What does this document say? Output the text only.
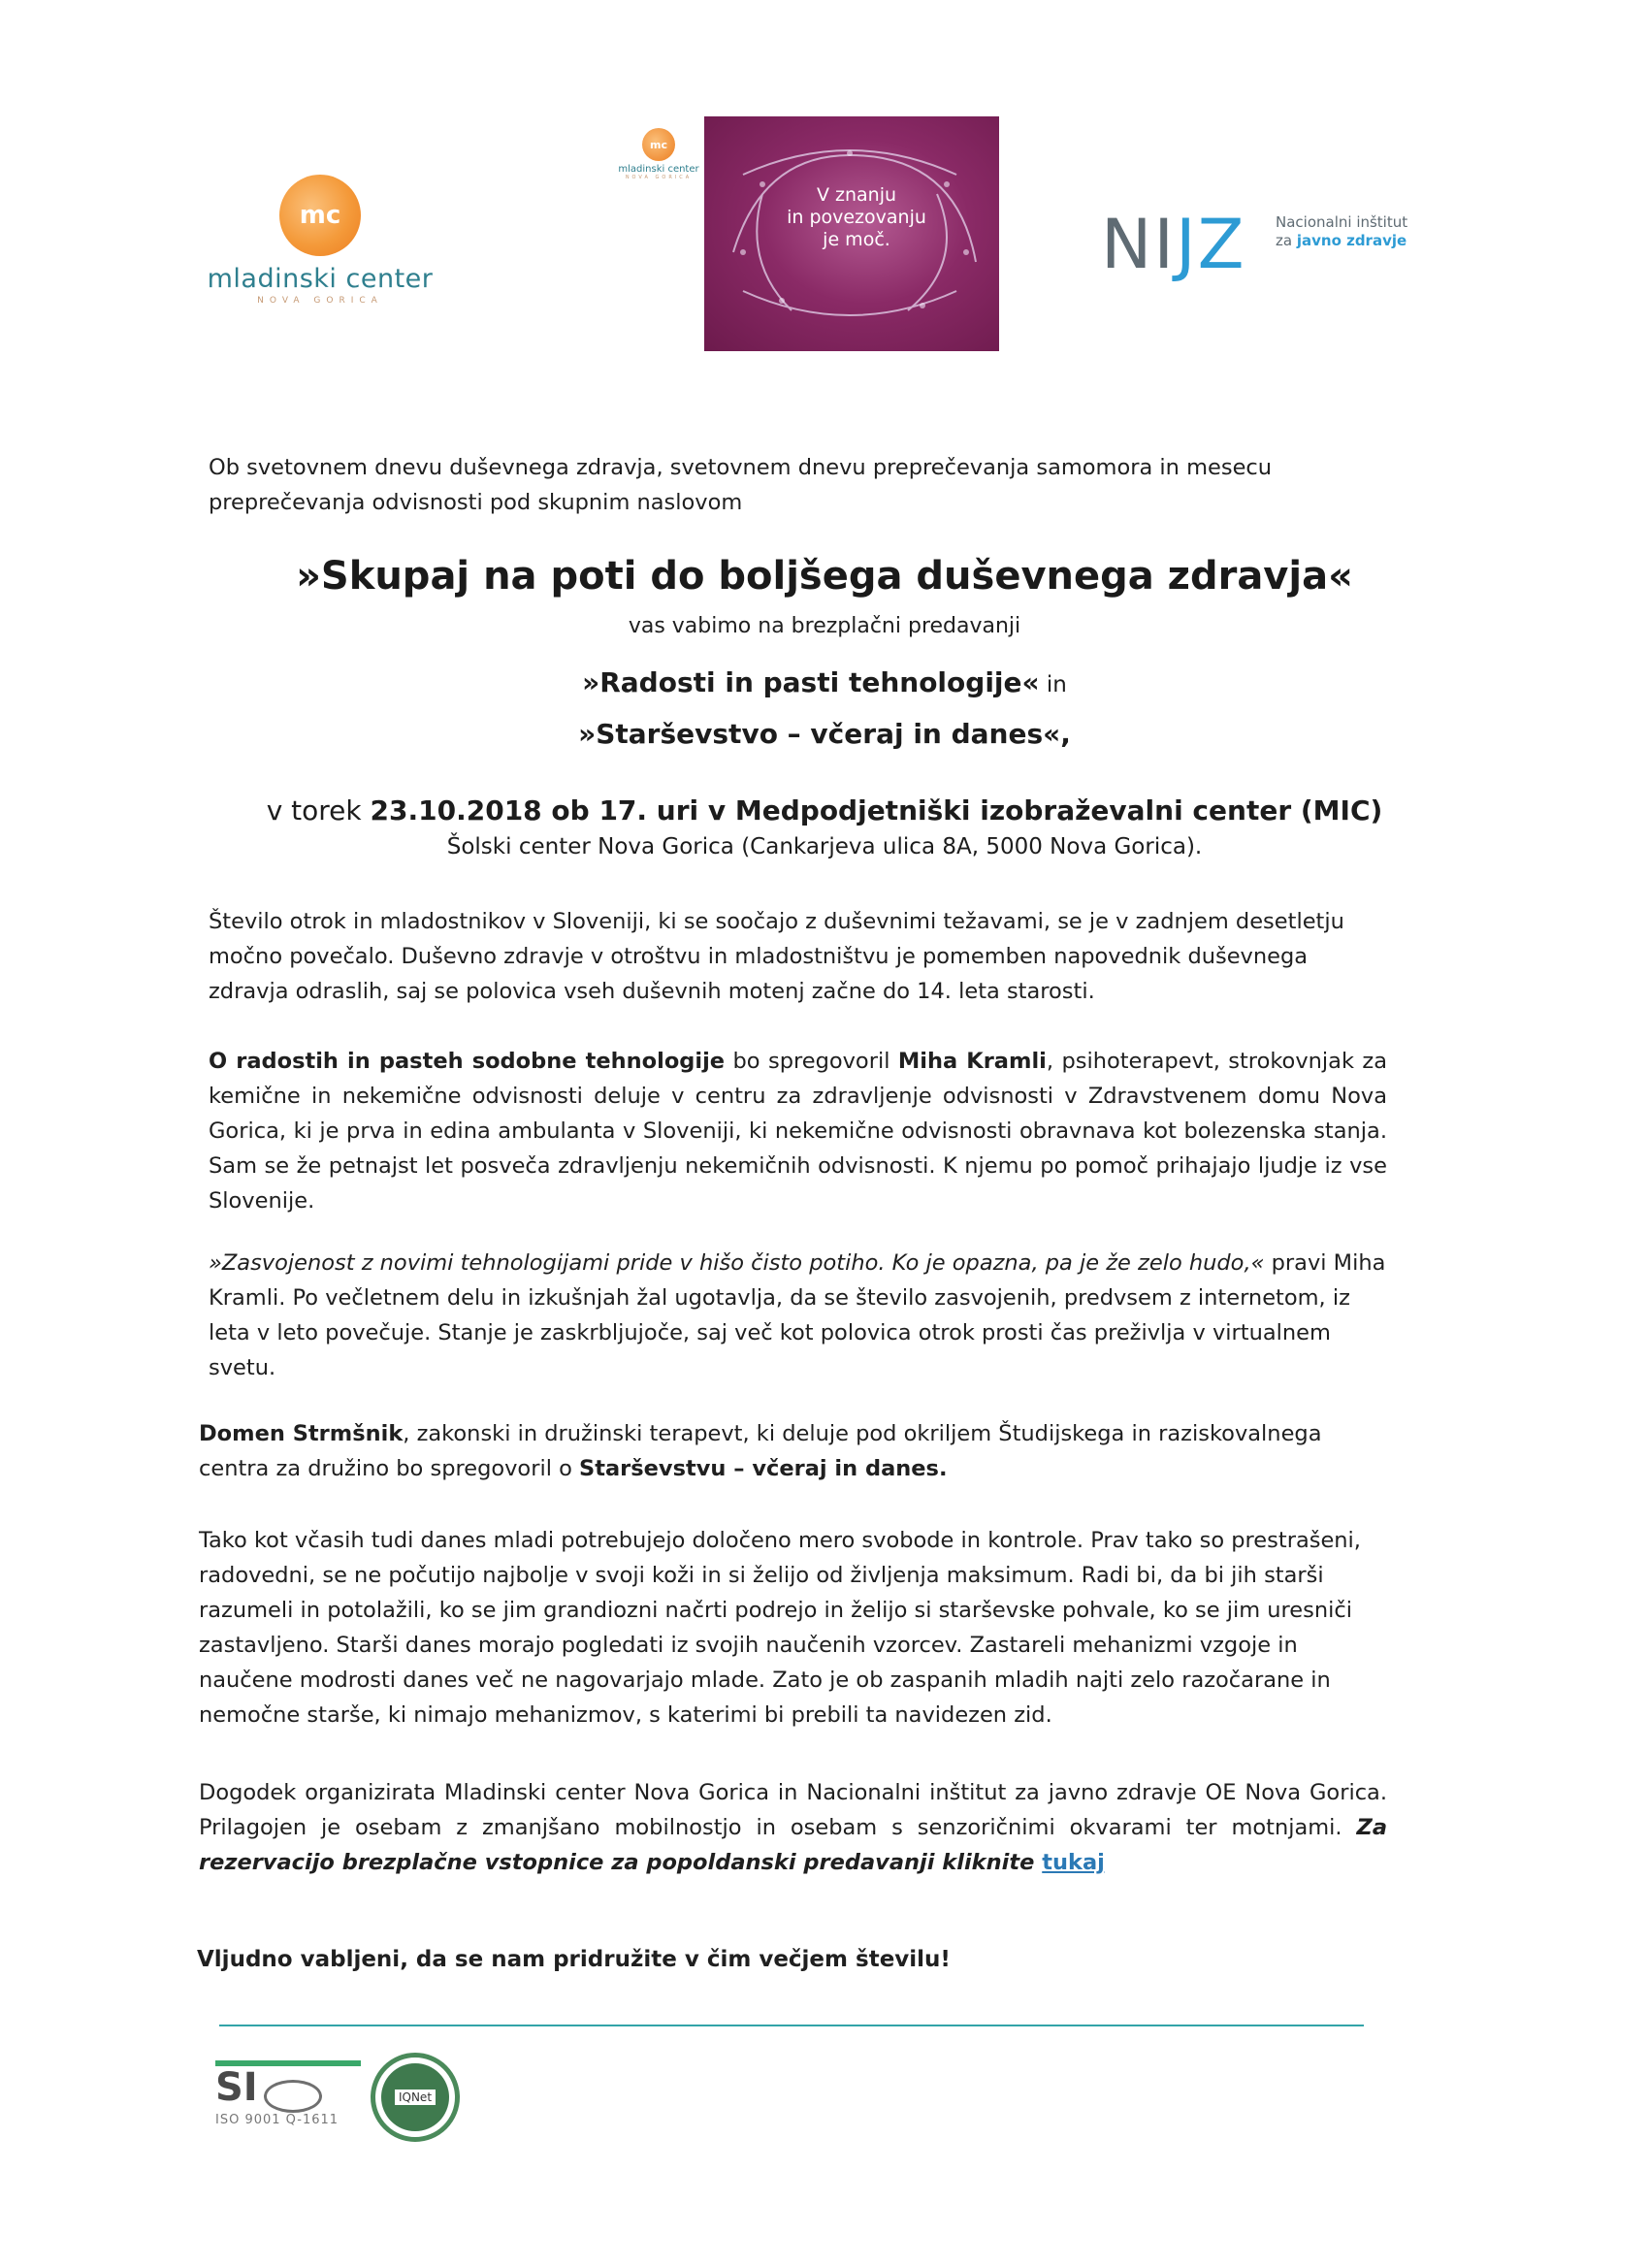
mc
mladinski center
NOVA GORICA
mc
mladinski center
NOVA GORICA
V znanju
in povezovanju
je moč.	NIJZ	Nacionalni inštitut
za javno zdravje
Ob svetovnem dnevu duševnega zdravja, svetovnem dnevu preprečevanja samomora in mesecu preprečevanja odvisnosti pod skupnim naslovom
»Skupaj na poti do boljšega duševnega zdravja«
vas vabimo na brezplačni predavanji
»Radosti in pasti tehnologije« in
»Starševstvo – včeraj in danes«,
v torek 23.10.2018 ob 17. uri v Medpodjetniški izobraževalni center (MIC)
Šolski center Nova Gorica (Cankarjeva ulica 8A, 5000 Nova Gorica).
Število otrok in mladostnikov v Sloveniji, ki se soočajo z duševnimi težavami, se je v zadnjem desetletju močno povečalo. Duševno zdravje v otroštvu in mladostništvu je pomemben napovednik duševnega zdravja odraslih, saj se polovica vseh duševnih motenj začne do 14. leta starosti.
O radostih in pasteh sodobne tehnologije bo spregovoril Miha Kramli, psihoterapevt, strokovnjak za kemične in nekemične odvisnosti deluje v centru za zdravljenje odvisnosti v Zdravstvenem domu Nova Gorica, ki je prva in edina ambulanta v Sloveniji, ki nekemične odvisnosti obravnava kot bolezenska stanja. Sam se že petnajst let posveča zdravljenju nekemičnih odvisnosti. K njemu po pomoč prihajajo ljudje iz vse Slovenije.
»Zasvojenost z novimi tehnologijami pride v hišo čisto potiho. Ko je opazna, pa je že zelo hudo,« pravi Miha Kramli. Po večletnem delu in izkušnjah žal ugotavlja, da se število zasvojenih, predvsem z internetom, iz leta v leto povečuje. Stanje je zaskrbljujoče, saj več kot polovica otrok prosti čas preživlja v virtualnem svetu.
Domen Strmšnik, zakonski in družinski terapevt, ki deluje pod okriljem Študijskega in raziskovalnega centra za družino bo spregovoril o Starševstvu – včeraj in danes.
Tako kot včasih tudi danes mladi potrebujejo določeno mero svobode in kontrole. Prav tako so prestrašeni, radovedni, se ne počutijo najbolje v svoji koži in si želijo od življenja maksimum. Radi bi, da bi jih starši razumeli in potolažili, ko se jim grandiozni načrti podrejo in želijo si starševske pohvale, ko se jim uresniči zastavljeno. Starši danes morajo pogledati iz svojih naučenih vzorcev. Zastareli mehanizmi vzgoje in naučene modrosti danes več ne nagovarjajo mlade. Zato je ob zaspanih mladih najti zelo razočarane in nemočne starše, ki nimajo mehanizmov, s katerimi bi prebili ta navidezen zid.
Dogodek organizirata Mladinski center Nova Gorica in Nacionalni inštitut za javno zdravje OE Nova Gorica. Prilagojen je osebam z zmanjšano mobilnostjo in osebam s senzoričnimi okvarami ter motnjami. Za rezervacijo brezplačne vstopnice za popoldanski predavanji kliknite tukaj
Vljudno vabljeni, da se nam pridružite v čim večjem številu!
SI
ISO 9001 Q-1611
IQNet
